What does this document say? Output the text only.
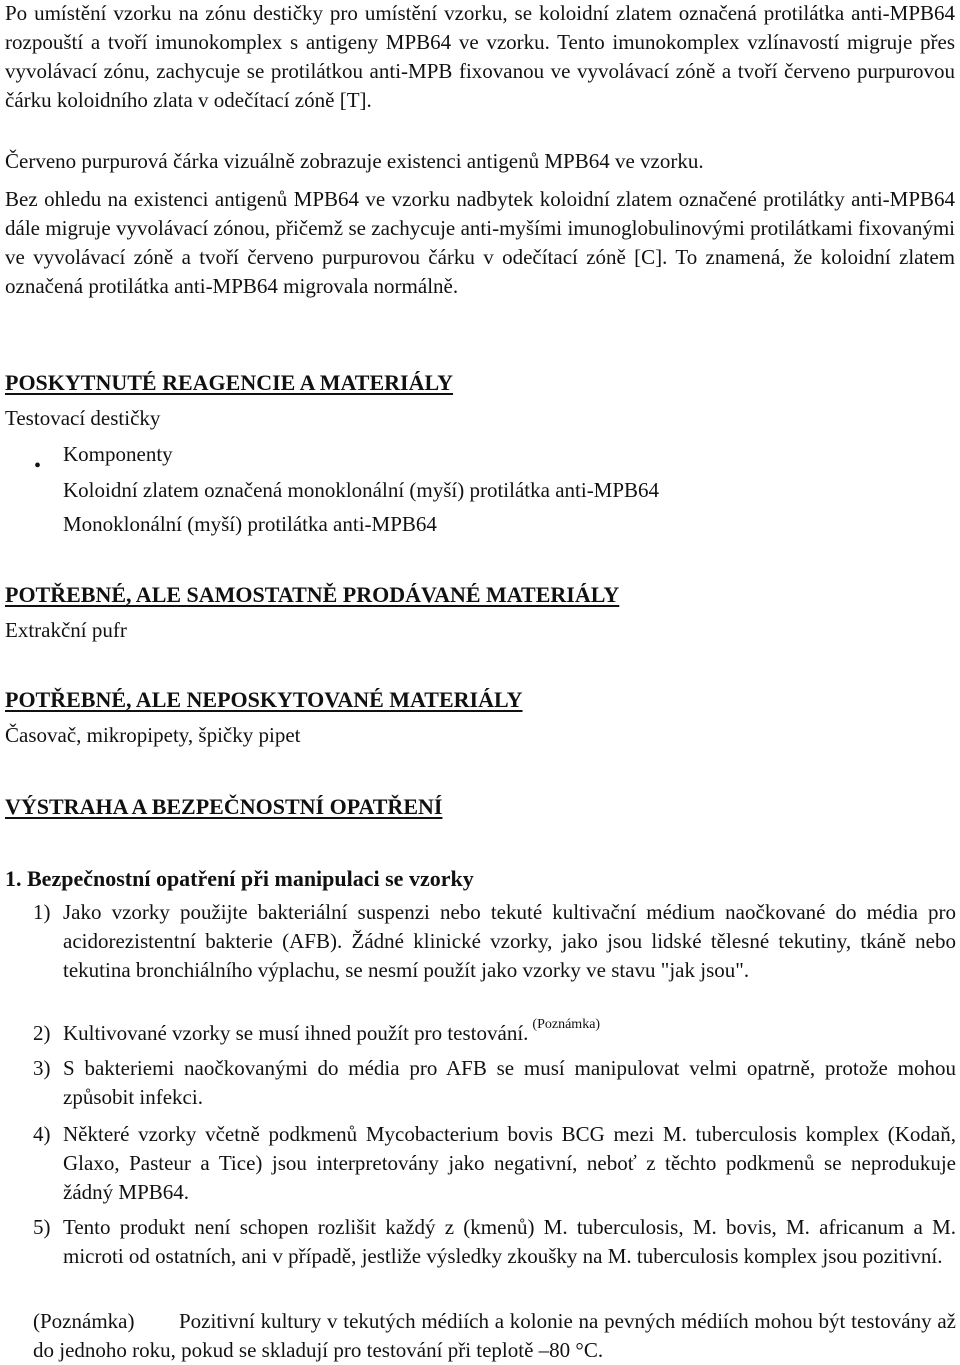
Po umístění vzorku na zónu destičky pro umístění vzorku, se koloidní zlatem označená protilátka anti-MPB64 rozpouští a tvoří imunokomplex s antigeny MPB64 ve vzorku. Tento imunokomplex vzlínavostí migruje přes vyvolávací zónu, zachycuje se protilátkou anti-MPB fixovanou ve vyvolávací zóně a tvoří červeno purpurovou čárku koloidního zlata v odečítací zóně [T].

Červeno purpurová čárka vizuálně zobrazuje existenci antigenů MPB64 ve vzorku.

Bez ohledu na existenci antigenů MPB64 ve vzorku nadbytek koloidní zlatem označené protilátky anti-MPB64 dále migruje vyvolávací zónou, přičemž se zachycuje anti-myšími imunoglobulinovými protilátkami fixovanými ve vyvolávací zóně a tvoří červeno purpurovou čárku v odečítací zóně [C]. To znamená, že koloidní zlatem označená protilátka anti-MPB64 migrovala normálně.

POSKYTNUTÉ REAGENCIE A MATERIÁLY
Testovací destičky
• Komponenty
Koloidní zlatem označená monoklonální (myší) protilátka anti-MPB64
Monoklonální (myší) protilátka anti-MPB64
POTŘEBNÉ, ALE SAMOSTATNĚ PRODÁVANÉ MATERIÁLY
Extrakční pufr
POTŘEBNÉ, ALE NEPOSKYTOVANÉ MATERIÁLY
Časovač, mikropipety, špičky pipet
VÝSTRAHA A BEZPEČNOSTNÍ OPATŘENÍ
1. Bezpečnostní opatření při manipulaci se vzorky
1) Jako vzorky použijte bakteriální suspenzi nebo tekuté kultivační médium naočkované do média pro acidorezistentní bakterie (AFB). Žádné klinické vzorky, jako jsou lidské tělesné tekutiny, tkáně nebo tekutina bronchiálního výplachu, se nesmí použít jako vzorky ve stavu "jak jsou".
2) Kultivované vzorky se musí ihned použít pro testování. $^{(Poznámka)}$
3) S bakteriemi naočkovanými do média pro AFB se musí manipulovat velmi opatrně, protože mohou způsobit infekci.
4) Některé vzorky včetně podkmenů Mycobacterium bovis BCG mezi M. tuberculosis komplex (Kodaň, Glaxo, Pasteur a Tice) jsou interpretovány jako negativní, neboť z těchto podkmenů se neprodukuje žádný MPB64.
5) Tento produkt není schopen rozlišit každý z (kmenů) M. tuberculosis, M. bovis, M. africanum a M. microti od ostatních, ani v případě, jestliže výsledky zkoušky na M. tuberculosis komplex jsou pozitivní.
(Poznámka)	Pozitivní kultury v tekutých médiích a kolonie na pevných médiích mohou být testovány až do jednoho roku, pokud se skladují pro testování při teplotě –80 °C.
